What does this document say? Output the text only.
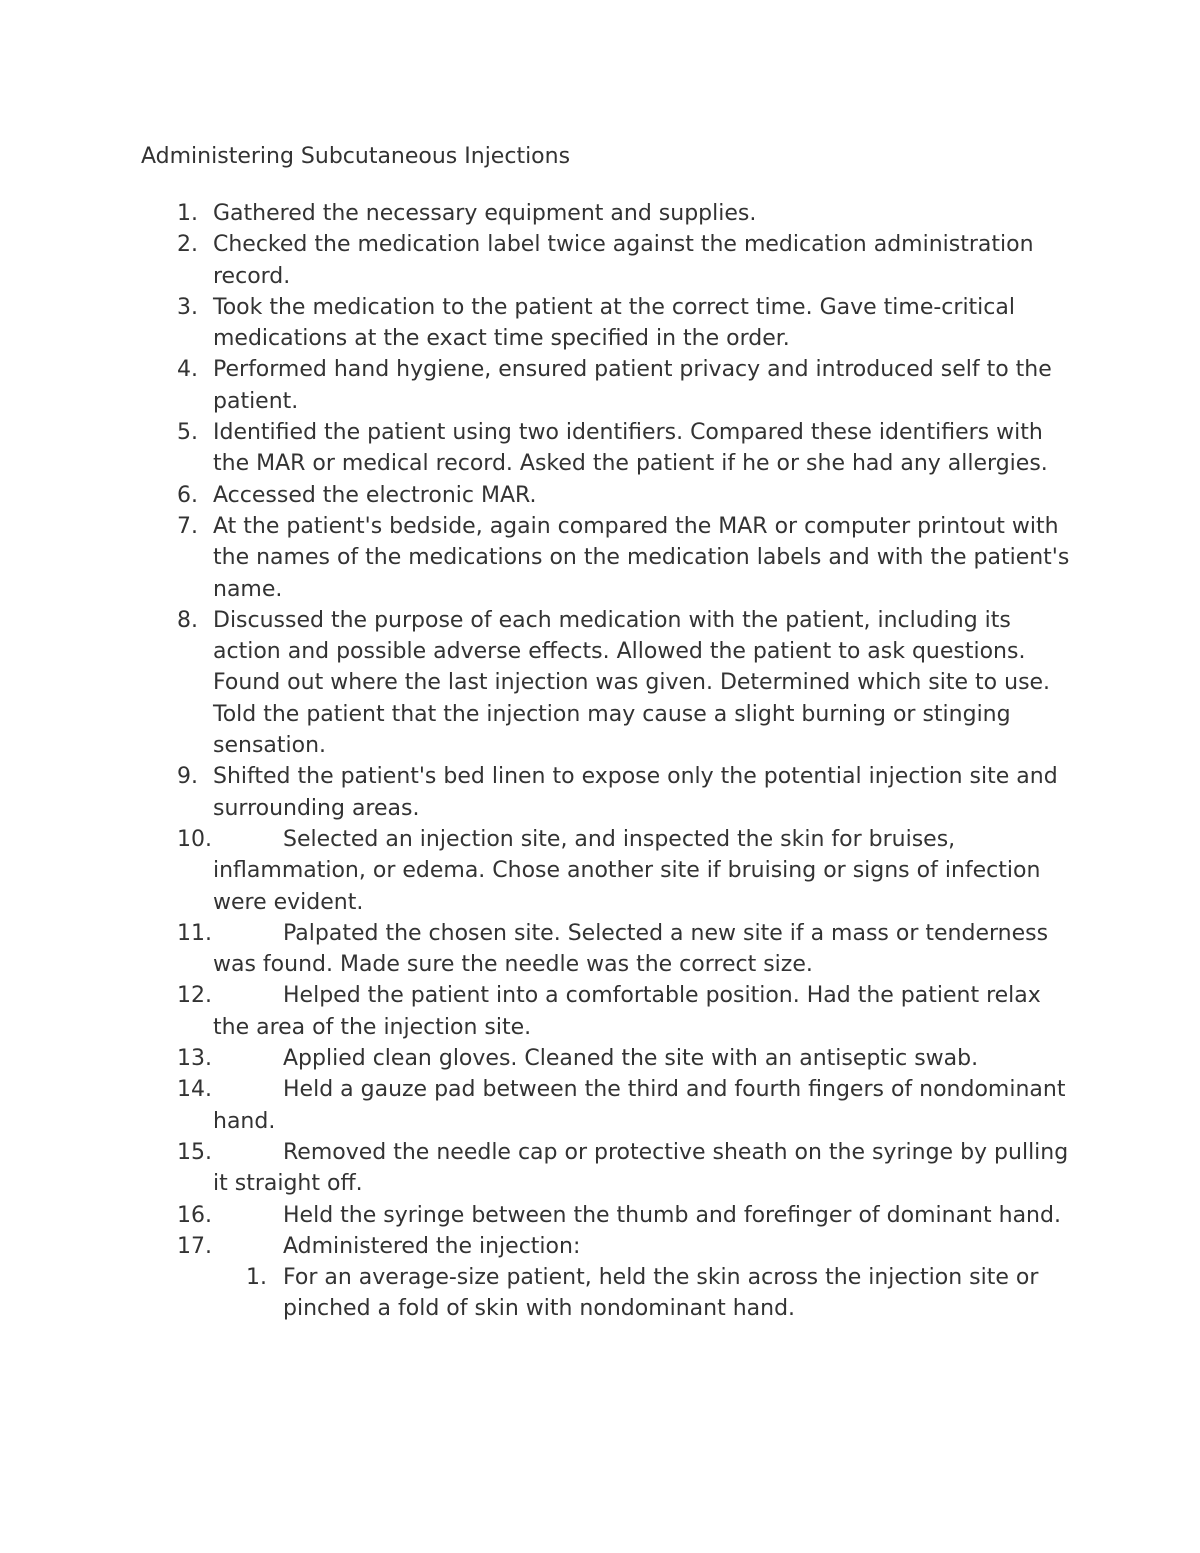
Administering Subcutaneous Injections
1. Gathered the necessary equipment and supplies.
2. Checked the medication label twice against the medication administration record.
3. Took the medication to the patient at the correct time. Gave time-critical medications at the exact time specified in the order.
4. Performed hand hygiene, ensured patient privacy and introduced self to the patient.
5. Identified the patient using two identifiers. Compared these identifiers with the MAR or medical record. Asked the patient if he or she had any allergies.
6. Accessed the electronic MAR.
7. At the patient's bedside, again compared the MAR or computer printout with the names of the medications on the medication labels and with the patient's name.
8. Discussed the purpose of each medication with the patient, including its action and possible adverse effects. Allowed the patient to ask questions. Found out where the last injection was given. Determined which site to use. Told the patient that the injection may cause a slight burning or stinging sensation.
9. Shifted the patient's bed linen to expose only the potential injection site and surrounding areas.
10.	Selected an injection site, and inspected the skin for bruises, inflammation, or edema. Chose another site if bruising or signs of infection were evident.
11.	Palpated the chosen site. Selected a new site if a mass or tenderness was found. Made sure the needle was the correct size.
12.	Helped the patient into a comfortable position. Had the patient relax the area of the injection site.
13.	Applied clean gloves. Cleaned the site with an antiseptic swab.
14.	Held a gauze pad between the third and fourth fingers of nondominant hand.
15.	Removed the needle cap or protective sheath on the syringe by pulling it straight off.
16.	Held the syringe between the thumb and forefinger of dominant hand.
17.	Administered the injection:
1. For an average-size patient, held the skin across the injection site or pinched a fold of skin with nondominant hand.
